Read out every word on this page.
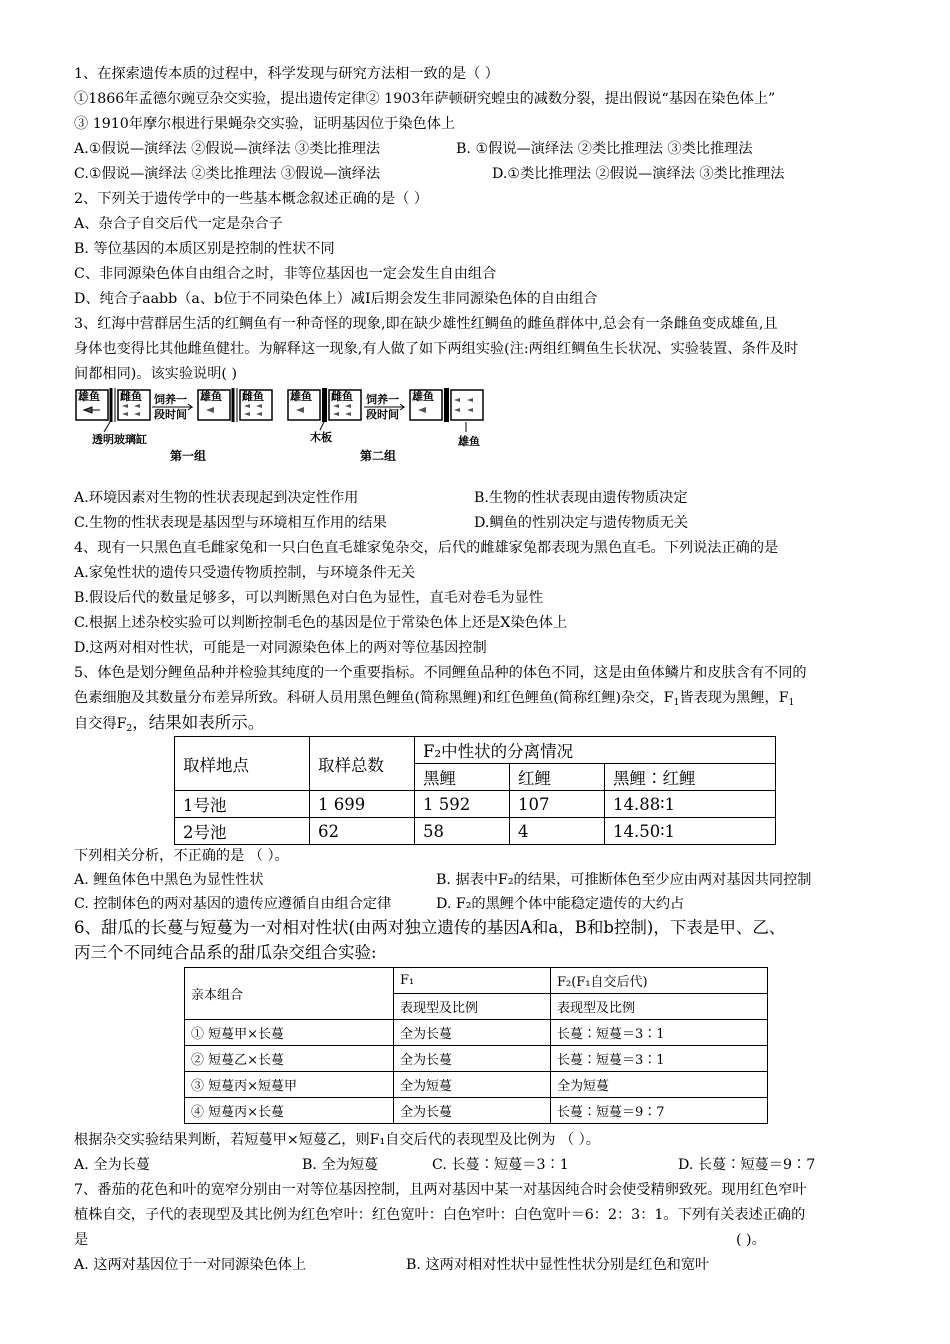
1、在探索遗传本质的过程中，科学发现与研究方法相一致的是（ ）
①1866年孟德尔豌豆杂交实验，提出遗传定律② 1903年萨顿研究蝗虫的减数分裂，提出假说“基因在染色体上”
③ 1910年摩尔根进行果蝇杂交实验，证明基因位于染色体上
A.①假说—演绎法 ②假说—演绎法 ③类比推理法	B. ①假说—演绎法 ②类比推理法 ③类比推理法
C.①假说—演绎法 ②类比推理法 ③假说—演绎法	D.①类比推理法 ②假说—演绎法 ③类比推理法
2、下列关于遗传学中的一些基本概念叙述正确的是（ ）
A、杂合子自交后代一定是杂合子
B. 等位基因的本质区别是控制的性状不同
C、非同源染色体自由组合之时，非等位基因也一定会发生自由组合
D、纯合子aabb（a、b位于不同染色体上）减Ⅰ后期会发生非同源染色体的自由组合
3、红海中营群居生活的红鲷鱼有一种奇怪的现象,即在缺少雄性红鲷鱼的雌鱼群体中,总会有一条雌鱼变成雄鱼,且
身体也变得比其他雌鱼健壮。为解释这一现象,有人做了如下两组实验(注:两组红鲷鱼生长状况、实验装置、条件及时
间都相同)。该实验说明( )
雄鱼 雌鱼 饲养一
段时间
雄鱼 雌鱼
透明玻璃缸
第一组
雄鱼 雌鱼 饲养一
段时间
雄鱼
木板	雄鱼
第二组
A.环境因素对生物的性状表现起到决定性作用	B.生物的性状表现由遗传物质决定
C.生物的性状表现是基因型与环境相互作用的结果	D.鲷鱼的性别决定与遗传物质无关
4、现有一只黑色直毛雌家兔和一只白色直毛雄家兔杂交，后代的雌雄家兔都表现为黑色直毛。下列说法正确的是
A.家兔性状的遗传只受遗传物质控制，与环境条件无关
B.假设后代的数量足够多，可以判断黑色对白色为显性，直毛对卷毛为显性
C.根据上述杂校实验可以判断控制毛色的基因是位于常染色体上还是X染色体上
D.这两对相对性状，可能是一对同源染色体上的两对等位基因控制
5、体色是划分鲤鱼品种并检验其纯度的一个重要指标。不同鲤鱼品种的体色不同，这是由鱼体鳞片和皮肤含有不同的
色素细胞及其数量分布差异所致。科研人员用黑色鲤鱼(简称黑鲤)和红色鲤鱼(简称红鲤)杂交，$F_1$皆表现为黑鲤，$F_1$
自交得$F_2$，结果如表所示。
取样地点	取样总数	F₂中性状的分离情况		
		黑鲤	红鲤	黑鲤∶红鲤
1号池	1 699	1 592	107	14.88∶1
2号池	62	58	4	14.50∶1
下列相关分析，不正确的是 （ ）。
A. 鲤鱼体色中黑色为显性性状	B. 据表中F₂的结果，可推断体色至少应由两对基因共同控制
C. 控制体色的两对基因的遗传应遵循自由组合定律	D. F₂的黑鲤个体中能稳定遗传的大约占
6、甜瓜的长蔓与短蔓为一对相对性状(由两对独立遗传的基因A和a，B和b控制)，下表是甲、乙、
丙三个不同纯合品系的甜瓜杂交组合实验:
亲本组合	F₁	F₂(F₁自交后代)
	表现型及比例	表现型及比例
① 短蔓甲×长蔓	全为长蔓	长蔓∶短蔓＝3∶1
② 短蔓乙×长蔓	全为长蔓	长蔓∶短蔓＝3∶1
③ 短蔓丙×短蔓甲	全为短蔓	全为短蔓
④ 短蔓丙×长蔓	全为长蔓	长蔓∶短蔓＝9∶7
根据杂交实验结果判断，若短蔓甲×短蔓乙，则F₁自交后代的表现型及比例为 （ ）。
A. 全为长蔓	B. 全为短蔓	C. 长蔓∶短蔓＝3∶1	D. 长蔓∶短蔓＝9∶7
7、番茄的花色和叶的宽窄分别由一对等位基因控制，且两对基因中某一对基因纯合时会使受精卵致死。现用红色窄叶
植株自交，子代的表现型及其比例为红色窄叶：红色宽叶：白色窄叶：白色宽叶＝6：2：3：1。下列有关表述正确的
是	( )。
A. 这两对基因位于一对同源染色体上	B. 这两对相对性状中显性性状分别是红色和宽叶
